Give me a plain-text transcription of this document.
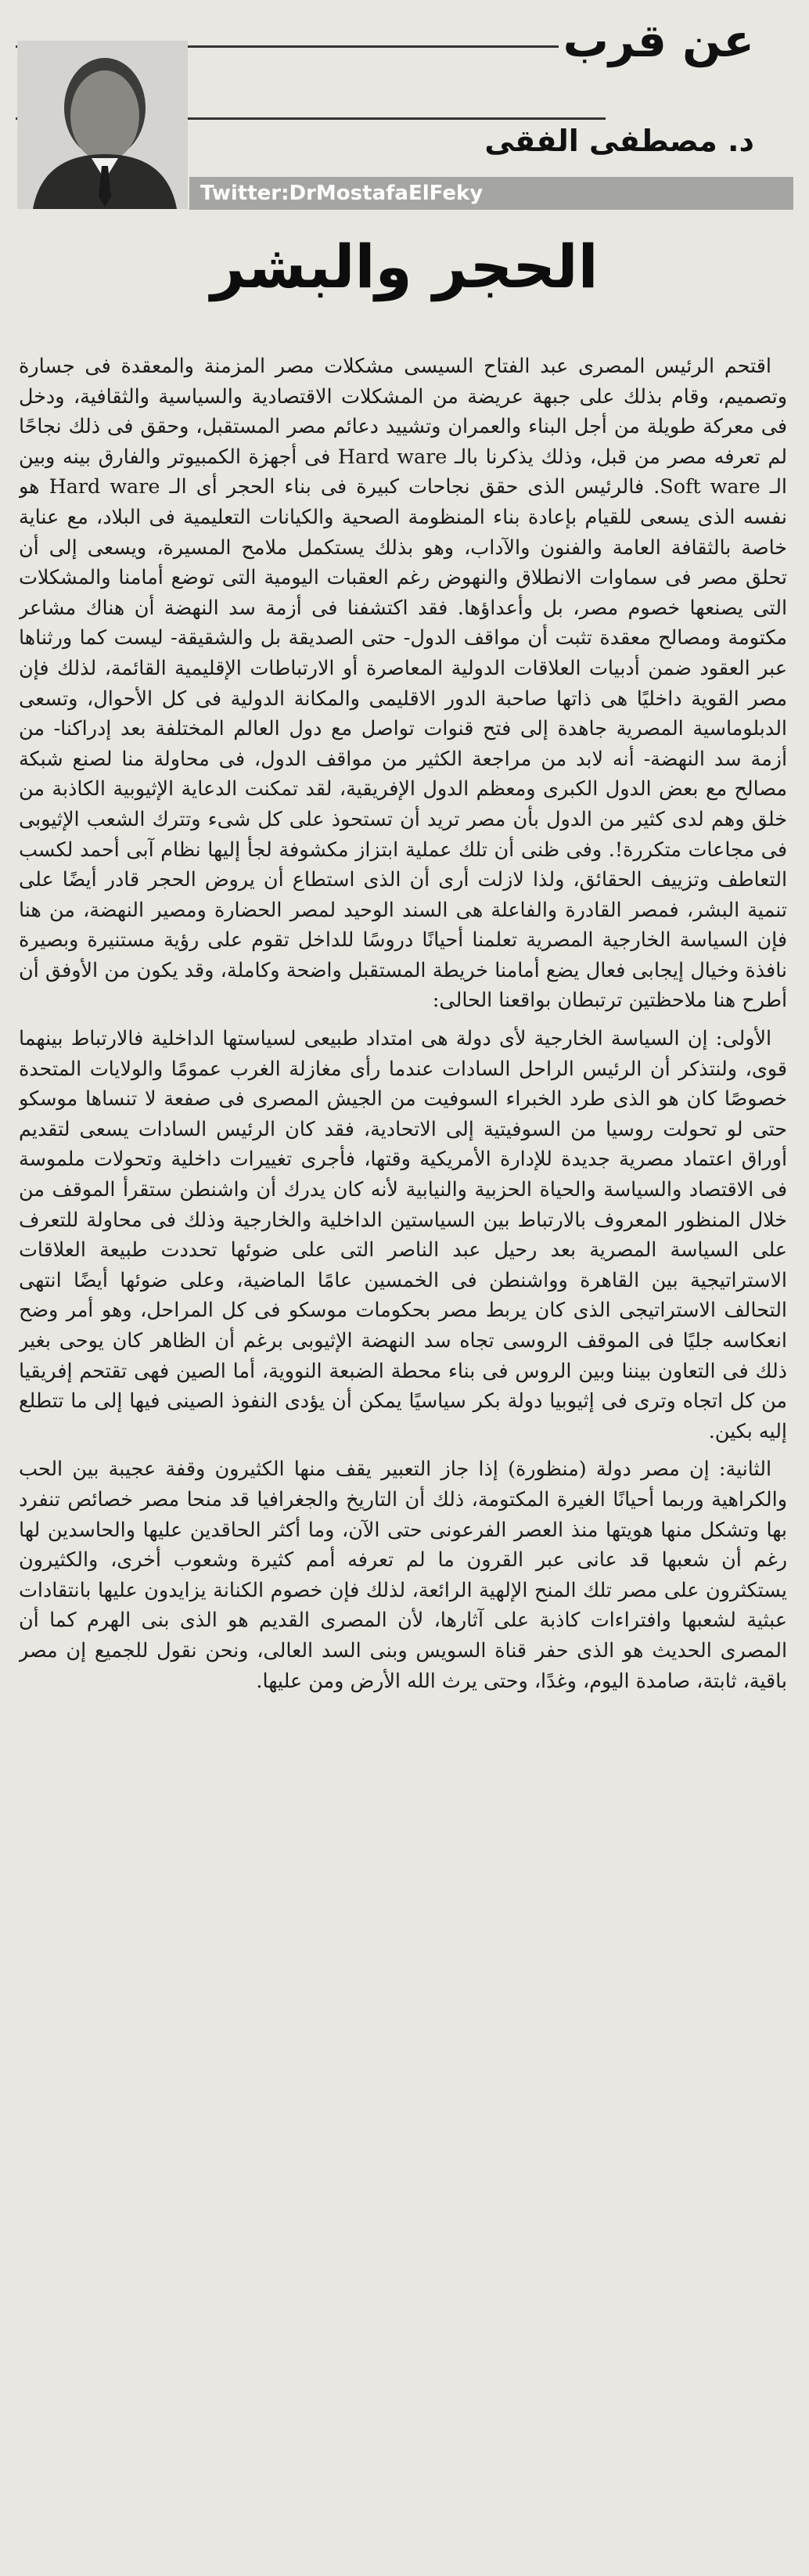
عن قرب
د. مصطفى الفقى
Twitter:DrMostafaElFeky
الحجر والبشر

اقتحم الرئيس المصرى عبد الفتاح السيسى مشكلات مصر المزمنة والمعقدة فى جسارة وتصميم، وقام بذلك على جبهة عريضة من المشكلات الاقتصادية والسياسية والثقافية، ودخل فى معركة طويلة من أجل البناء والعمران وتشييد دعائم مصر المستقبل، وحقق فى ذلك نجاحًا لم تعرفه مصر من قبل، وذلك يذكرنا بالـ Hard ware فى أجهزة الكمبيوتر والفارق بينه وبين الـ Soft ware. فالرئيس الذى حقق نجاحات كبيرة فى بناء الحجر أى الـ Hard ware هو نفسه الذى يسعى للقيام بإعادة بناء المنظومة الصحية والكيانات التعليمية فى البلاد، مع عناية خاصة بالثقافة العامة والفنون والآداب، وهو بذلك يستكمل ملامح المسيرة، ويسعى إلى أن تحلق مصر فى سماوات الانطلاق والنهوض رغم العقبات اليومية التى توضع أمامنا والمشكلات التى يصنعها خصوم مصر، بل وأعداؤها. فقد اكتشفنا فى أزمة سد النهضة أن هناك مشاعر مكتومة ومصالح معقدة تثبت أن مواقف الدول- حتى الصديقة بل والشقيقة- ليست كما ورثناها عبر العقود ضمن أدبيات العلاقات الدولية المعاصرة أو الارتباطات الإقليمية القائمة، لذلك فإن مصر القوية داخليًا هى ذاتها صاحبة الدور الاقليمى والمكانة الدولية فى كل الأحوال، وتسعى الدبلوماسية المصرية جاهدة إلى فتح قنوات تواصل مع دول العالم المختلفة بعد إدراكنا- من أزمة سد النهضة- أنه لابد من مراجعة الكثير من مواقف الدول، فى محاولة منا لصنع شبكة مصالح مع بعض الدول الكبرى ومعظم الدول الإفريقية، لقد تمكنت الدعاية الإثيوبية الكاذبة من خلق وهم لدى كثير من الدول بأن مصر تريد أن تستحوذ على كل شىء وتترك الشعب الإثيوبى فى مجاعات متكررة!. وفى ظنى أن تلك عملية ابتزاز مكشوفة لجأ إليها نظام آبى أحمد لكسب التعاطف وتزييف الحقائق، ولذا لازلت أرى أن الذى استطاع أن يروض الحجر قادر أيضًا على تنمية البشر، فمصر القادرة والفاعلة هى السند الوحيد لمصر الحضارة ومصير النهضة، من هنا فإن السياسة الخارجية المصرية تعلمنا أحيانًا دروسًا للداخل تقوم على رؤية مستنيرة وبصيرة نافذة وخيال إيجابى فعال يضع أمامنا خريطة المستقبل واضحة وكاملة، وقد يكون من الأوفق أن أطرح هنا ملاحظتين ترتبطان بواقعنا الحالى:

الأولى: إن السياسة الخارجية لأى دولة هى امتداد طبيعى لسياستها الداخلية فالارتباط بينهما قوى، ولنتذكر أن الرئيس الراحل السادات عندما رأى مغازلة الغرب عمومًا والولايات المتحدة خصوصًا كان هو الذى طرد الخبراء السوفيت من الجيش المصرى فى صفعة لا تنساها موسكو حتى لو تحولت روسيا من السوفيتية إلى الاتحادية، فقد كان الرئيس السادات يسعى لتقديم أوراق اعتماد مصرية جديدة للإدارة الأمريكية وقتها، فأجرى تغييرات داخلية وتحولات ملموسة فى الاقتصاد والسياسة والحياة الحزبية والنيابية لأنه كان يدرك أن واشنطن ستقرأ الموقف من خلال المنظور المعروف بالارتباط بين السياستين الداخلية والخارجية وذلك فى محاولة للتعرف على السياسة المصرية بعد رحيل عبد الناصر التى على ضوئها تحددت طبيعة العلاقات الاستراتيجية بين القاهرة وواشنطن فى الخمسين عامًا الماضية، وعلى ضوئها أيضًا انتهى التحالف الاستراتيجى الذى كان يربط مصر بحكومات موسكو فى كل المراحل، وهو أمر وضح انعكاسه جليًا فى الموقف الروسى تجاه سد النهضة الإثيوبى برغم أن الظاهر كان يوحى بغير ذلك فى التعاون بيننا وبين الروس فى بناء محطة الضبعة النووية، أما الصين فهى تقتحم إفريقيا من كل اتجاه وترى فى إثيوبيا دولة بكر سياسيًا يمكن أن يؤدى النفوذ الصينى فيها إلى ما تتطلع إليه بكين.

الثانية: إن مصر دولة (منظورة) إذا جاز التعبير يقف منها الكثيرون وقفة عجيبة بين الحب والكراهية وربما أحيانًا الغيرة المكتومة، ذلك أن التاريخ والجغرافيا قد منحا مصر خصائص تنفرد بها وتشكل منها هويتها منذ العصر الفرعونى حتى الآن، وما أكثر الحاقدين عليها والحاسدين لها رغم أن شعبها قد عانى عبر القرون ما لم تعرفه أمم كثيرة وشعوب أخرى، والكثيرون يستكثرون على مصر تلك المنح الإلهية الرائعة، لذلك فإن خصوم الكنانة يزايدون عليها بانتقادات عبثية لشعبها وافتراءات كاذبة على آثارها، لأن المصرى القديم هو الذى بنى الهرم كما أن المصرى الحديث هو الذى حفر قناة السويس وبنى السد العالى، ونحن نقول للجميع إن مصر باقية، ثابتة، صامدة اليوم، وغدًا، وحتى يرث الله الأرض ومن عليها.
